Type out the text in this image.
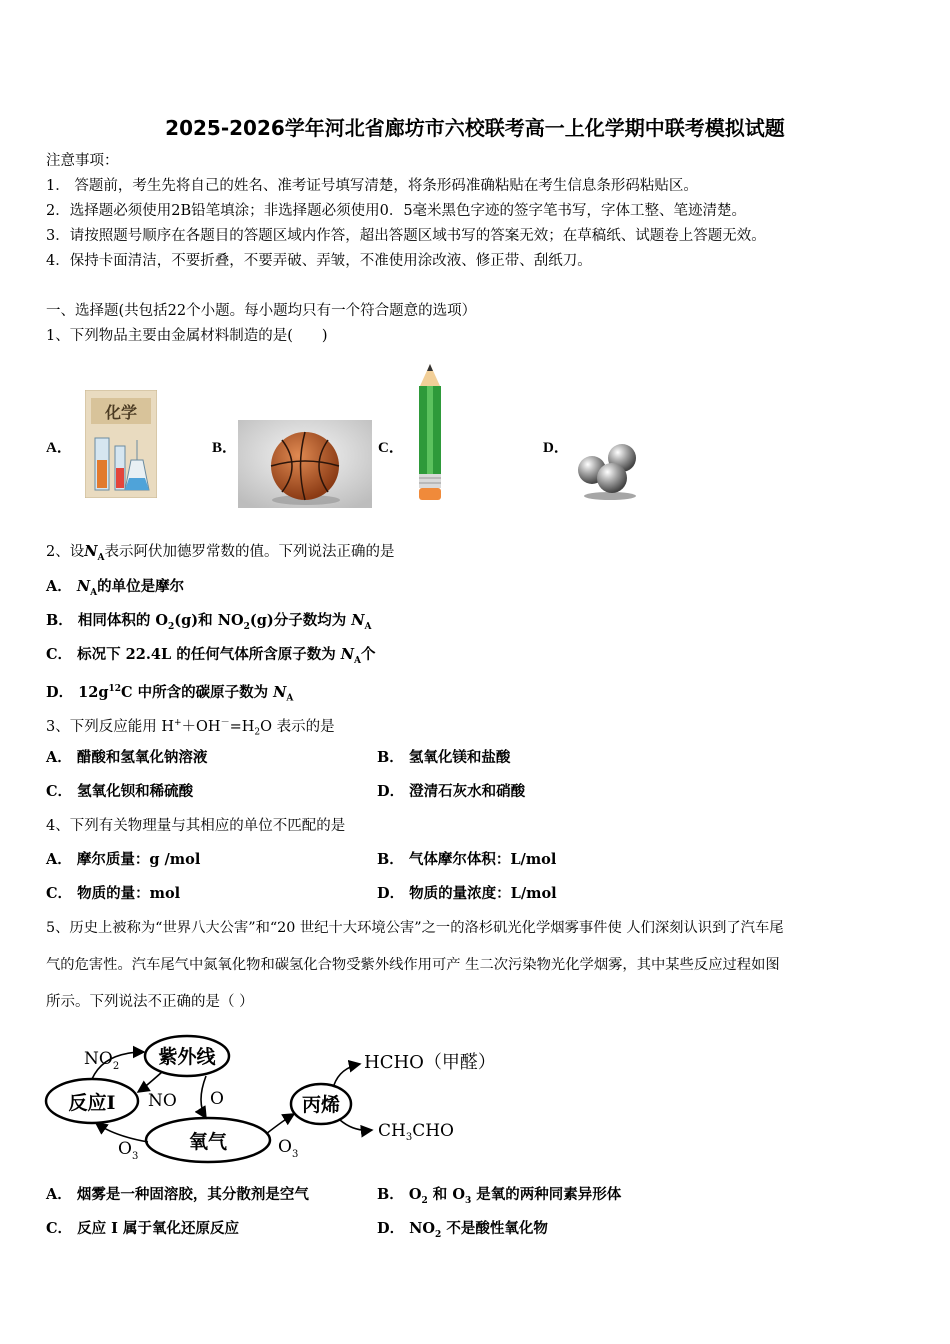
2025-2026学年河北省廊坊市六校联考高一上化学期中联考模拟试题
注意事项：
1． 答题前，考生先将自己的姓名、准考证号填写清楚，将条形码准确粘贴在考生信息条形码粘贴区。
2．选择题必须使用2B铅笔填涂；非选择题必须使用0．5毫米黑色字迹的签字笔书写，字体工整、笔迹清楚。
3．请按照题号顺序在各题目的答题区域内作答，超出答题区域书写的答案无效；在草稿纸、试题卷上答题无效。
4．保持卡面清洁，不要折叠，不要弄破、弄皱，不准使用涂改液、修正带、刮纸刀。
一、选择题(共包括22个小题。每小题均只有一个符合题意的选项）
1、下列物品主要由金属材料制造的是(　　)
A．
化学
B．	C．	D．
2、设$N_A$表示阿伏加德罗常数的值。下列说法正确的是
A． $N_A$的单位是摩尔
B． 相同体积的 $O_2(g)$和 $NO_2(g)$分子数均为 $N_A$
C． 标况下 22.4L 的任何气体所含原子数为 $N_A$个
D． $12g^{12}C$ 中所含的碳原子数为 $N_A$
3、下列反应能用 $H^++OH^-=H_2O$ 表示的是
A． 醋酸和氢氧化钠溶液	B． 氢氧化镁和盐酸
C． 氢氧化钡和稀硫酸	D． 澄清石灰水和硝酸
4、下列有关物理量与其相应的单位不匹配的是
A． 摩尔质量：g /mol	B． 气体摩尔体积：L/mol
C． 物质的量：mol	D． 物质的量浓度：L/mol
5、历史上被称为“世界八大公害”和“20 世纪十大环境公害”之一的洛杉矶光化学烟雾事件使 人们深刻认识到了汽车尾
气的危害性。汽车尾气中氮氧化物和碳氢化合物受紫外线作用可产 生二次污染物光化学烟雾，其中某些反应过程如图
所示。下列说法不正确的是（ ）
紫外线
反应I
氧气
丙烯
$NO_2$
NO O
$O_3$	$O_3$
HCHO（甲醛）
$CH_3CHO$
A． 烟雾是一种固溶胶，其分散剂是空气	B． $O_2$ 和 $O_3$ 是氧的两种同素异形体
C． 反应 I 属于氧化还原反应	D． $NO_2$ 不是酸性氧化物
